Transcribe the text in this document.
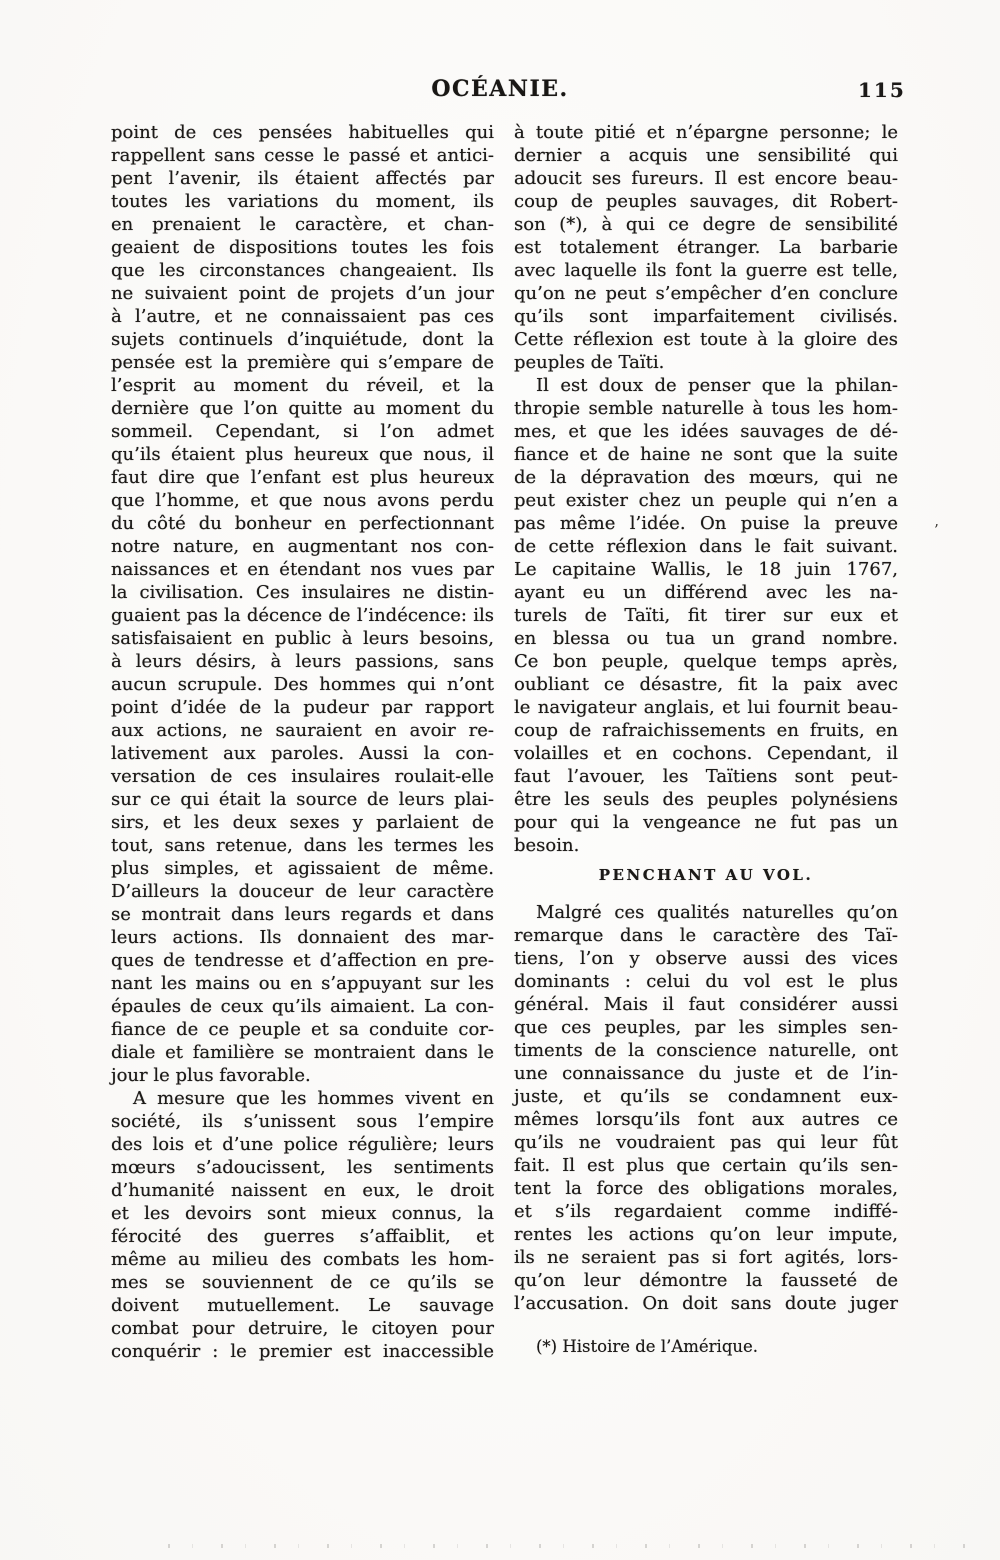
OCÉANIE.	115
point de ces pensées habituelles qui
rappellent sans cesse le passé et antici-
pent l’avenir, ils étaient affectés par
toutes les variations du moment, ils
en prenaient le caractère, et chan-
geaient de dispositions toutes les fois
que les circonstances changeaient. Ils
ne suivaient point de projets d’un jour
à l’autre, et ne connaissaient pas ces
sujets continuels d’inquiétude, dont la
pensée est la première qui s’empare de
l’esprit au moment du réveil, et la
dernière que l’on quitte au moment du
sommeil. Cependant, si l’on admet
qu’ils étaient plus heureux que nous, il
faut dire que l’enfant est plus heureux
que l’homme, et que nous avons perdu
du côté du bonheur en perfectionnant
notre nature, en augmentant nos con-
naissances et en étendant nos vues par
la civilisation. Ces insulaires ne distin-
guaient pas la décence de l’indécence: ils
satisfaisaient en public à leurs besoins,
à leurs désirs, à leurs passions, sans
aucun scrupule. Des hommes qui n’ont
point d’idée de la pudeur par rapport
aux actions, ne sauraient en avoir re-
lativement aux paroles. Aussi la con-
versation de ces insulaires roulait-elle
sur ce qui était la source de leurs plai-
sirs, et les deux sexes y parlaient de
tout, sans retenue, dans les termes les
plus simples, et agissaient de même.
D’ailleurs la douceur de leur caractère
se montrait dans leurs regards et dans
leurs actions. Ils donnaient des mar-
ques de tendresse et d’affection en pre-
nant les mains ou en s’appuyant sur les
épaules de ceux qu’ils aimaient. La con-
fiance de ce peuple et sa conduite cor-
diale et familière se montraient dans le
jour le plus favorable.
A mesure que les hommes vivent en
société, ils s’unissent sous l’empire
des lois et d’une police régulière; leurs
mœurs s’adoucissent, les sentiments
d’humanité naissent en eux, le droit
et les devoirs sont mieux connus, la
férocité des guerres s’affaiblit, et
même au milieu des combats les hom-
mes se souviennent de ce qu’ils se
doivent mutuellement. Le sauvage
combat pour detruire, le citoyen pour
conquérir : le premier est inaccessible
à toute pitié et n’épargne personne; le
dernier a acquis une sensibilité qui
adoucit ses fureurs. Il est encore beau-
coup de peuples sauvages, dit Robert-
son (*), à qui ce degre de sensibilité
est totalement étranger. La barbarie
avec laquelle ils font la guerre est telle,
qu’on ne peut s’empêcher d’en conclure
qu’ils sont imparfaitement civilisés.
Cette réflexion est toute à la gloire des
peuples de Taïti.
Il est doux de penser que la philan-
thropie semble naturelle à tous les hom-
mes, et que les idées sauvages de dé-
fiance et de haine ne sont que la suite
de la dépravation des mœurs, qui ne
peut exister chez un peuple qui n’en a
pas même l’idée. On puise la preuve
de cette réflexion dans le fait suivant.
Le capitaine Wallis, le 18 juin 1767,
ayant eu un différend avec les na-
turels de Taïti, fit tirer sur eux et
en blessa ou tua un grand nombre.
Ce bon peuple, quelque temps après,
oubliant ce désastre, fit la paix avec
le navigateur anglais, et lui fournit beau-
coup de rafraichissements en fruits, en
volailles et en cochons. Cependant, il
faut l’avouer, les Taïtiens sont peut-
être les seuls des peuples polynésiens
pour qui la vengeance ne fut pas un
besoin.
PENCHANT AU VOL.
Malgré ces qualités naturelles qu’on
remarque dans le caractère des Taï-
tiens, l’on y observe aussi des vices
dominants : celui du vol est le plus
général. Mais il faut considérer aussi
que ces peuples, par les simples sen-
timents de la conscience naturelle, ont
une connaissance du juste et de l’in-
juste, et qu’ils se condamnent eux-
mêmes lorsqu’ils font aux autres ce
qu’ils ne voudraient pas qui leur fût
fait. Il est plus que certain qu’ils sen-
tent la force des obligations morales,
et s’ils regardaient comme indiffé-
rentes les actions qu’on leur impute,
ils ne seraient pas si fort agités, lors-
qu’on leur démontre la fausseté de
l’accusation. On doit sans doute juger
(*) Histoire de l’Amérique.
’
